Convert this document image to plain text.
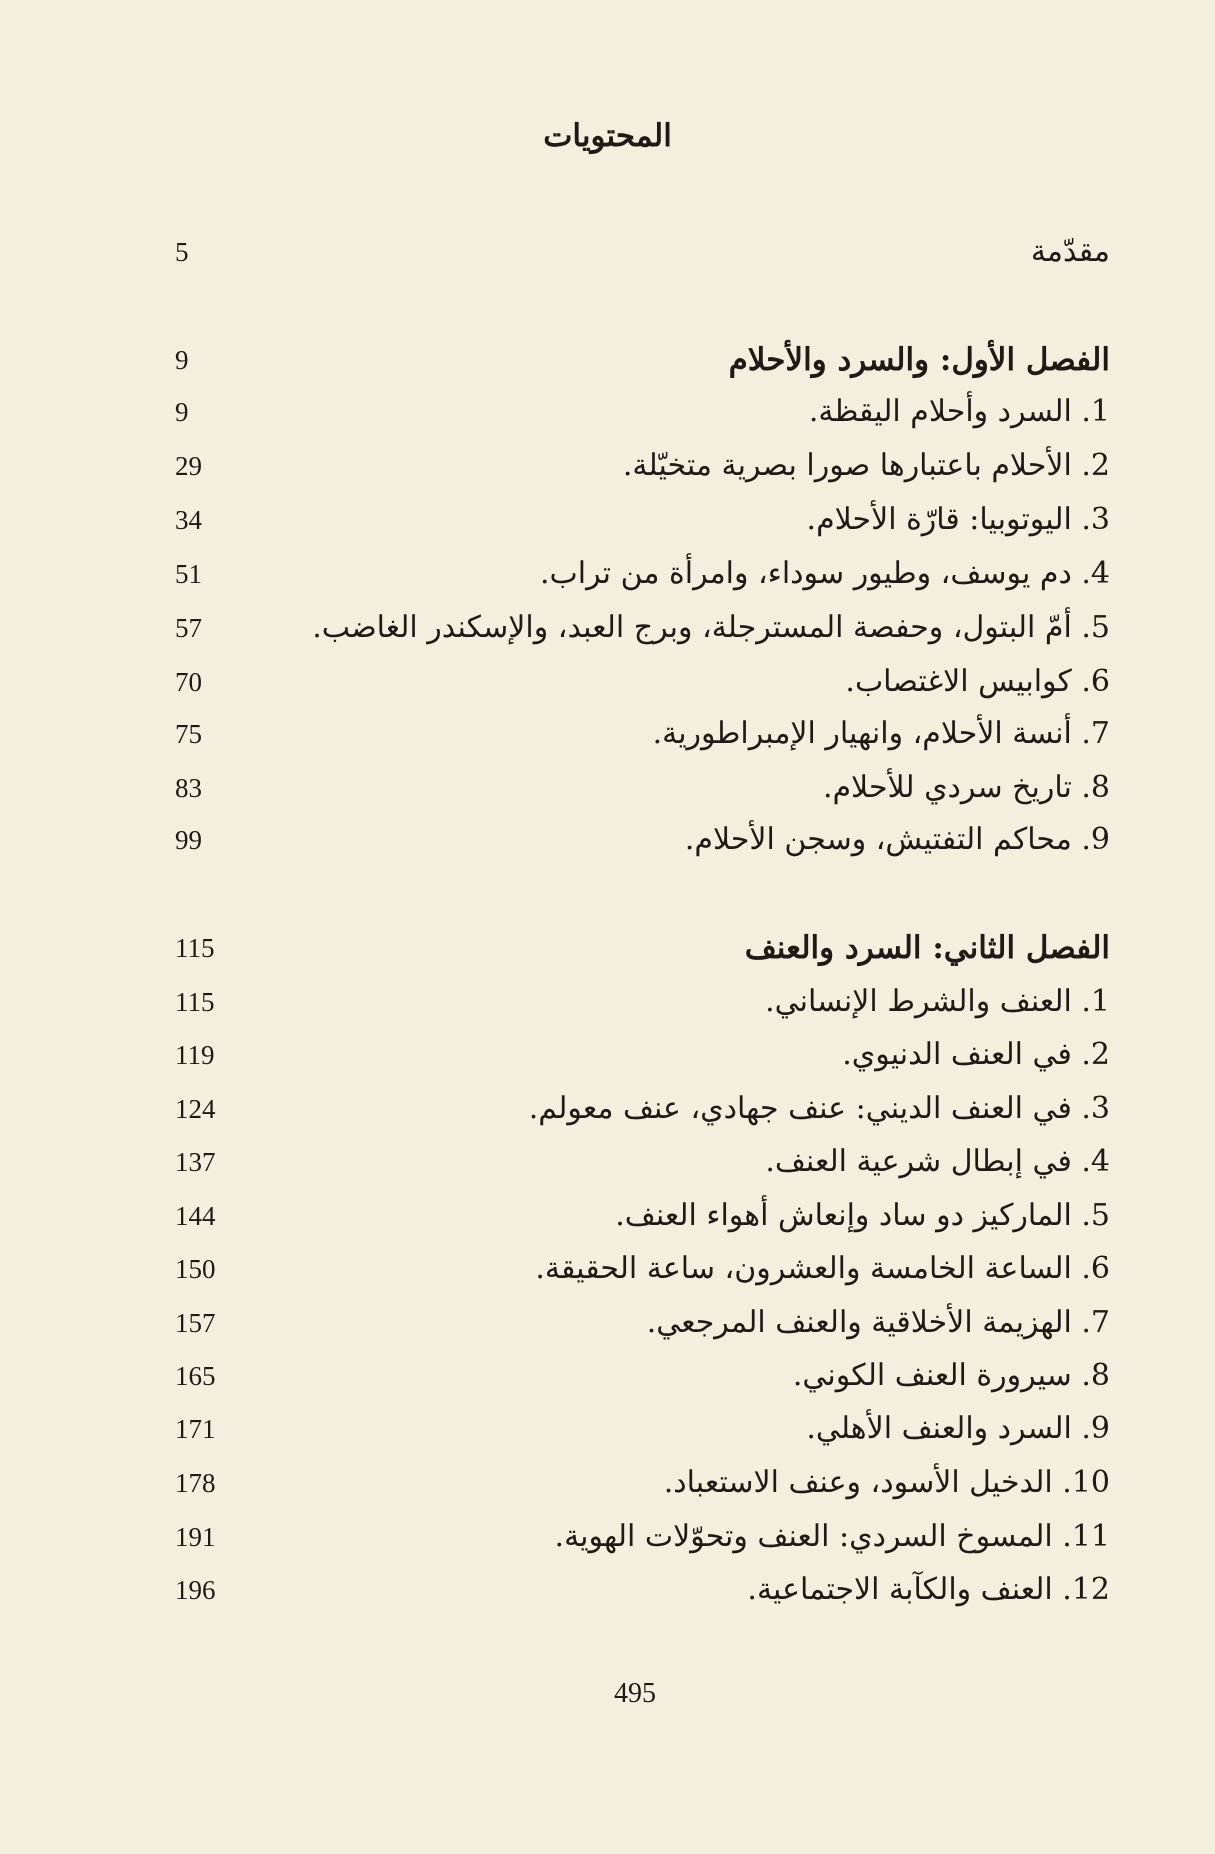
المحتويات
مقدّمة
5
الفصل الأول: والسرد والأحلام
9
1. السرد وأحلام اليقظة.
9
2. الأحلام باعتبارها صورا بصرية متخيّلة.
29
3. اليوتوبيا: قارّة الأحلام.
34
4. دم يوسف، وطيور سوداء، وامرأة من تراب.
51
5. أمّ البتول، وحفصة المسترجلة، وبرج العبد، والإسكندر الغاضب.
57
6. كوابيس الاغتصاب.
70
7. أنسة الأحلام، وانهيار الإمبراطورية.
75
8. تاريخ سردي للأحلام.
83
9. محاكم التفتيش، وسجن الأحلام.
99
الفصل الثاني: السرد والعنف
115
1. العنف والشرط الإنساني.
115
2. في العنف الدنيوي.
119
3. في العنف الديني: عنف جهادي، عنف معولم.
124
4. في إبطال شرعية العنف.
137
5. الماركيز دو ساد وإنعاش أهواء العنف.
144
6. الساعة الخامسة والعشرون، ساعة الحقيقة.
150
7. الهزيمة الأخلاقية والعنف المرجعي.
157
8. سيرورة العنف الكوني.
165
9. السرد والعنف الأهلي.
171
10. الدخيل الأسود، وعنف الاستعباد.
178
11. المسوخ السردي: العنف وتحوّلات الهوية.
191
12. العنف والكآبة الاجتماعية.
196
495
